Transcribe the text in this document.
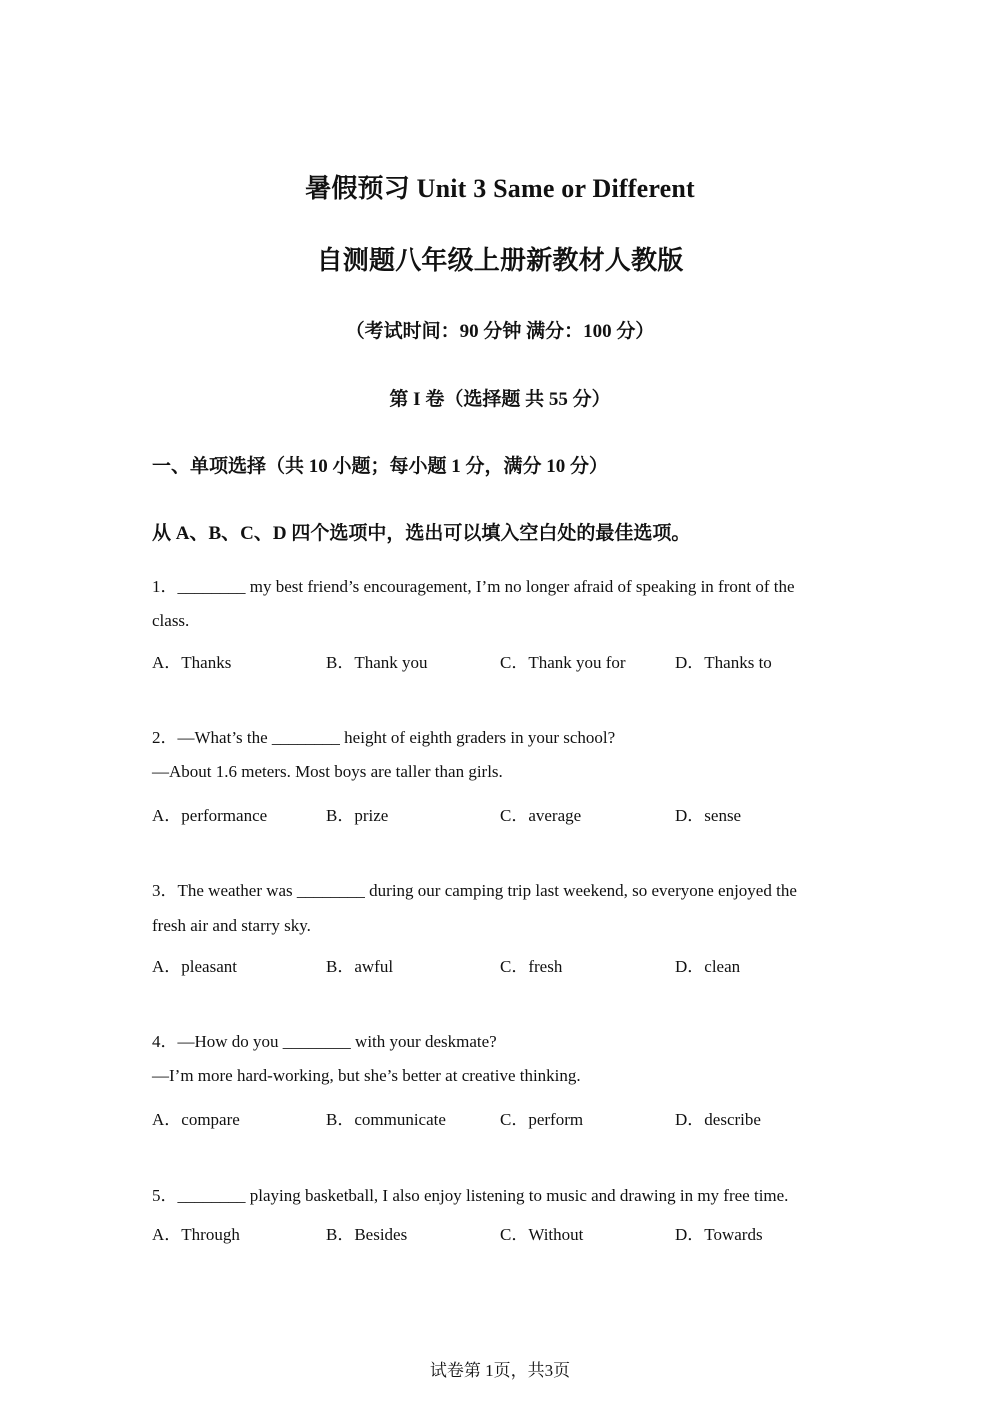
暑假预习 Unit 3 Same or Different
自测题八年级上册新教材人教版
（考试时间：90 分钟 满分：100 分）
第 I 卷（选择题 共 55 分）
一、单项选择（共 10 小题；每小题 1 分，满分 10 分）
从 A、B、C、D 四个选项中，选出可以填入空白处的最佳选项。
1．________ my best friend’s encouragement, I’m no longer afraid of speaking in front of the
class.
A．Thanks	B．Thank you	C．Thank you for	D．Thanks to
2．—What’s the ________ height of eighth graders in your school?
—About 1.6 meters. Most boys are taller than girls.
A．performance	B．prize	C．average	D．sense
3．The weather was ________ during our camping trip last weekend, so everyone enjoyed the
fresh air and starry sky.
A．pleasant	B．awful	C．fresh	D．clean
4．—How do you ________ with your deskmate?
—I’m more hard-working, but she’s better at creative thinking.
A．compare	B．communicate	C．perform	D．describe
5．________ playing basketball, I also enjoy listening to music and drawing in my free time.
A．Through	B．Besides	C．Without	D．Towards
试卷第 1页，共3页
